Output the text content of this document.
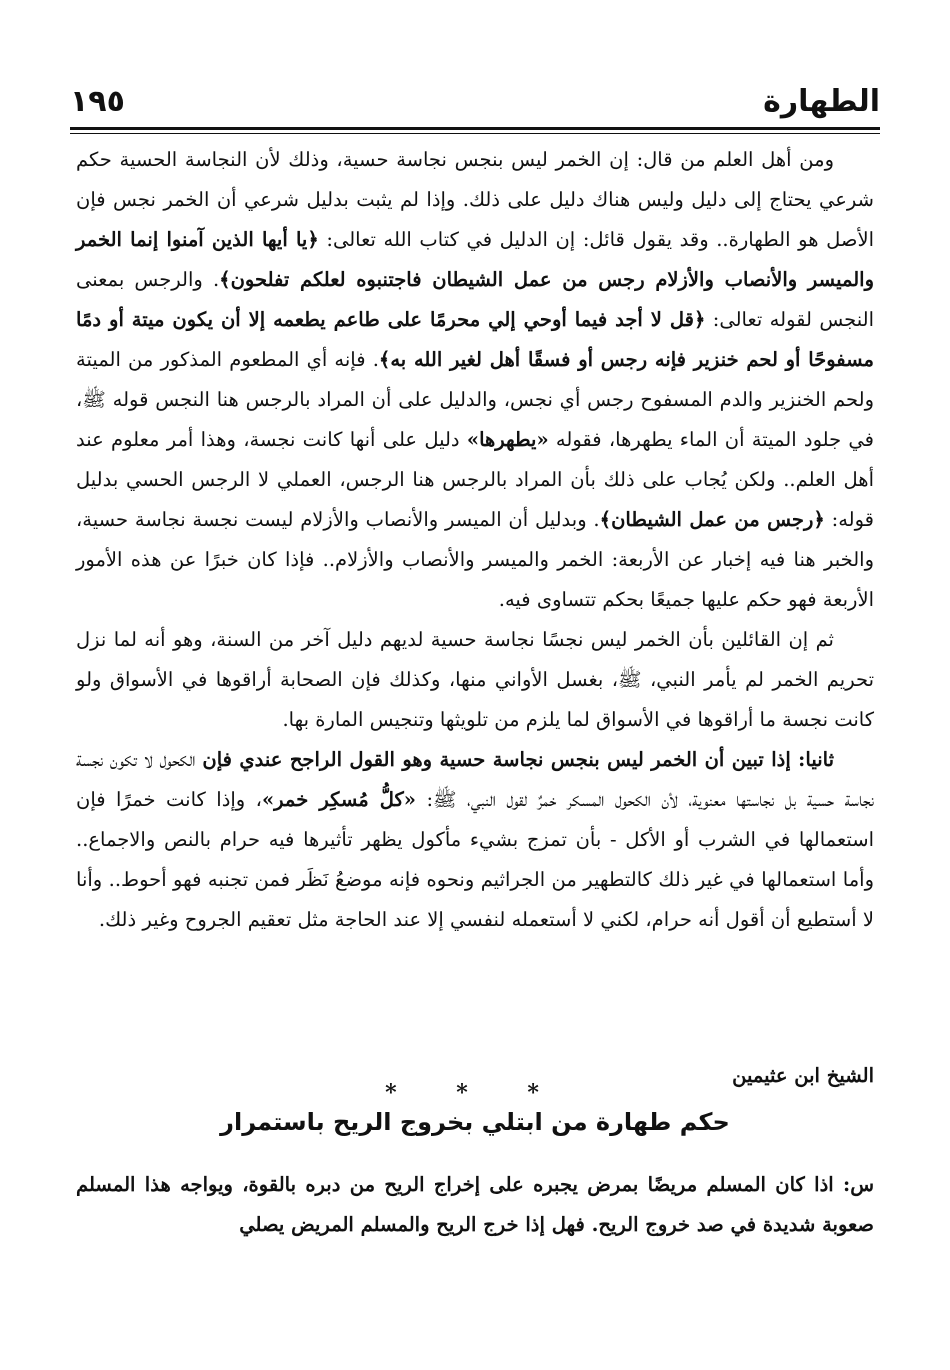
الطهارة
١٩٥

ومن أهل العلم من قال: إن الخمر ليس بنجس نجاسة حسية، وذلك لأن النجاسة الحسية حكم شرعي يحتاج إلى دليل وليس هناك دليل على ذلك. وإذا لم يثبت بدليل شرعي أن الخمر نجس فإن الأصل هو الطهارة.. وقد يقول قائل: إن الدليل في كتاب الله تعالى: ﴿يا أيها الذين آمنوا إنما الخمر والميسر والأنصاب والأزلام رجس من عمل الشيطان فاجتنبوه لعلكم تفلحون﴾. والرجس بمعنى النجس لقوله تعالى: ﴿قل لا أجد فيما أوحي إلي محرمًا على طاعم يطعمه إلا أن يكون ميتة أو دمًا مسفوحًا أو لحم خنزير فإنه رجس أو فسقًا أهل لغير الله به﴾. فإنه أي المطعوم المذكور من الميتة ولحم الخنزير والدم المسفوح رجس أي نجس، والدليل على أن المراد بالرجس هنا النجس قوله ﷺ، في جلود الميتة أن الماء يطهرها، فقوله «يطهرها» دليل على أنها كانت نجسة، وهذا أمر معلوم عند أهل العلم.. ولكن يُجاب على ذلك بأن المراد بالرجس هنا الرجس، العملي لا الرجس الحسي بدليل قوله: ﴿رجس من عمل الشيطان﴾. وبدليل أن الميسر والأنصاب والأزلام ليست نجسة نجاسة حسية، والخبر هنا فيه إخبار عن الأربعة: الخمر والميسر والأنصاب والأزلام.. فإذا كان خبرًا عن هذه الأمور الأربعة فهو حكم عليها جميعًا بحكم تتساوى فيه.

ثم إن القائلين بأن الخمر ليس نجسًا نجاسة حسية لديهم دليل آخر من السنة، وهو أنه لما نزل تحريم الخمر لم يأمر النبي، ﷺ، بغسل الأواني منها، وكذلك فإن الصحابة أراقوها في الأسواق ولو كانت نجسة ما أراقوها في الأسواق لما يلزم من تلويثها وتنجيس المارة بها.

ثانيا: إذا تبين أن الخمر ليس بنجس نجاسة حسية وهو القول الراجح عندي فإن الكحول لا تكون نجسة نجاسة حسية بل نجاستها معنوية، لأن الكحول المسكر خمرٌ لقول النبي، ﷺ: «كلُّ مُسكِر خمر»، وإذا كانت خمرًا فإن استعمالها في الشرب أو الأكل - بأن تمزج بشيء مأكول يظهر تأثيرها فيه حرام بالنص والاجماع.. وأما استعمالها في غير ذلك كالتطهير من الجراثيم ونحوه فإنه موضعُ نَظَر فمن تجنبه فهو أحوط.. وأنا لا أستطيع أن أقول أنه حرام، لكني لا أستعمله لنفسي إلا عند الحاجة مثل تعقيم الجروح وغير ذلك.

الشيخ ابن عثيمين
* * *
حكم طهارة من ابتلي بخروج الريح باستمرار
س: اذا كان المسلم مريضًا بمرض يجبره على إخراج الريح من دبره بالقوة، ويواجه هذا المسلم صعوبة شديدة في صد خروج الريح. فهل إذا خرج الريح والمسلم المريض يصلي
